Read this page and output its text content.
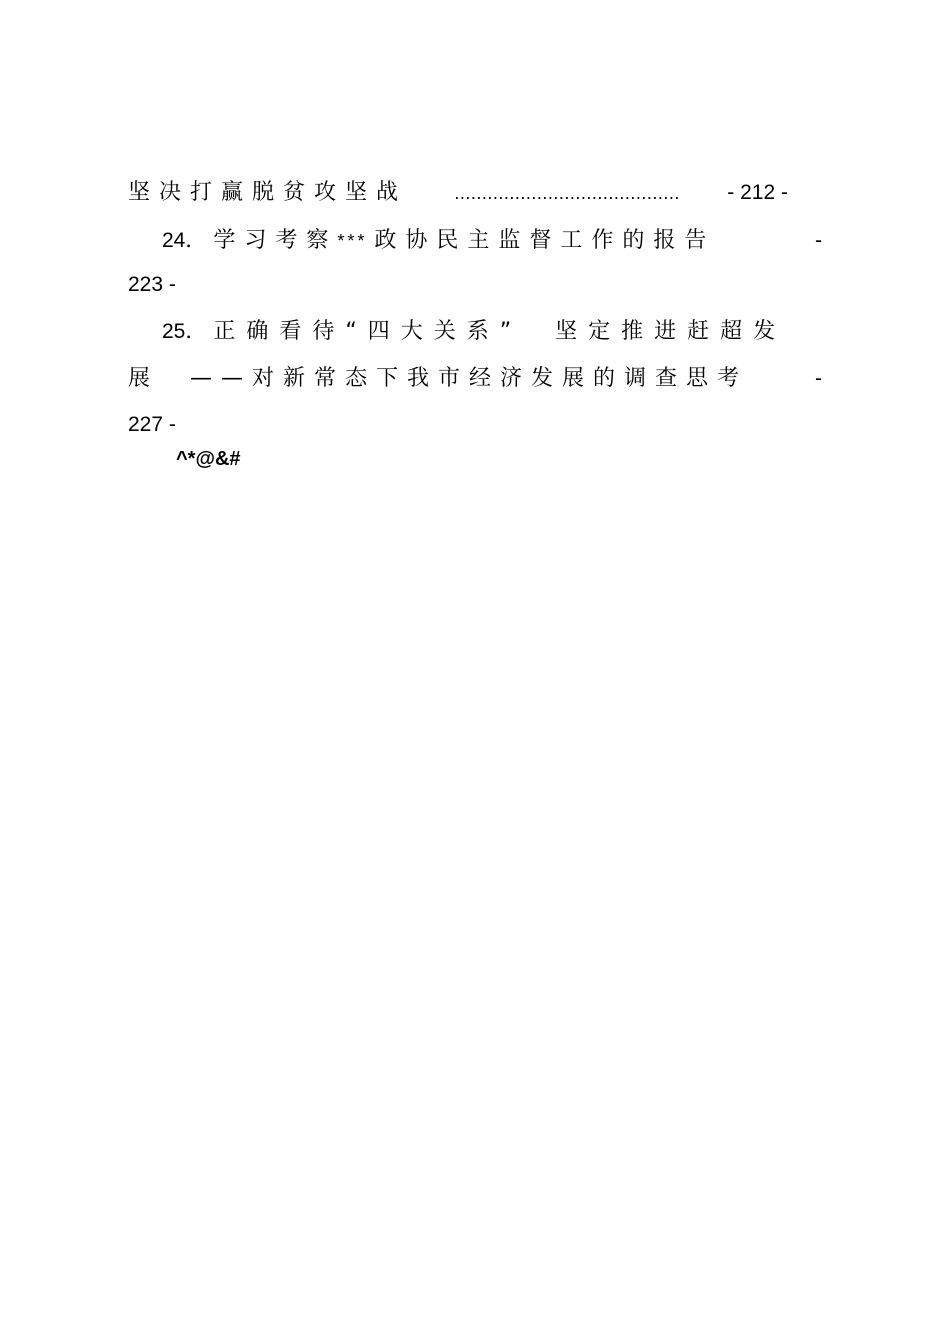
坚决打赢脱贫攻坚战	......................................... - 212 -
24． 学习考察*** 政协民主监督工作的报告	-
223 -
25． 正确看待“四大关系”　坚定推进赶超发
展　——对新常态下我市经济发展的调查思考	-
227 -
^*@&#
